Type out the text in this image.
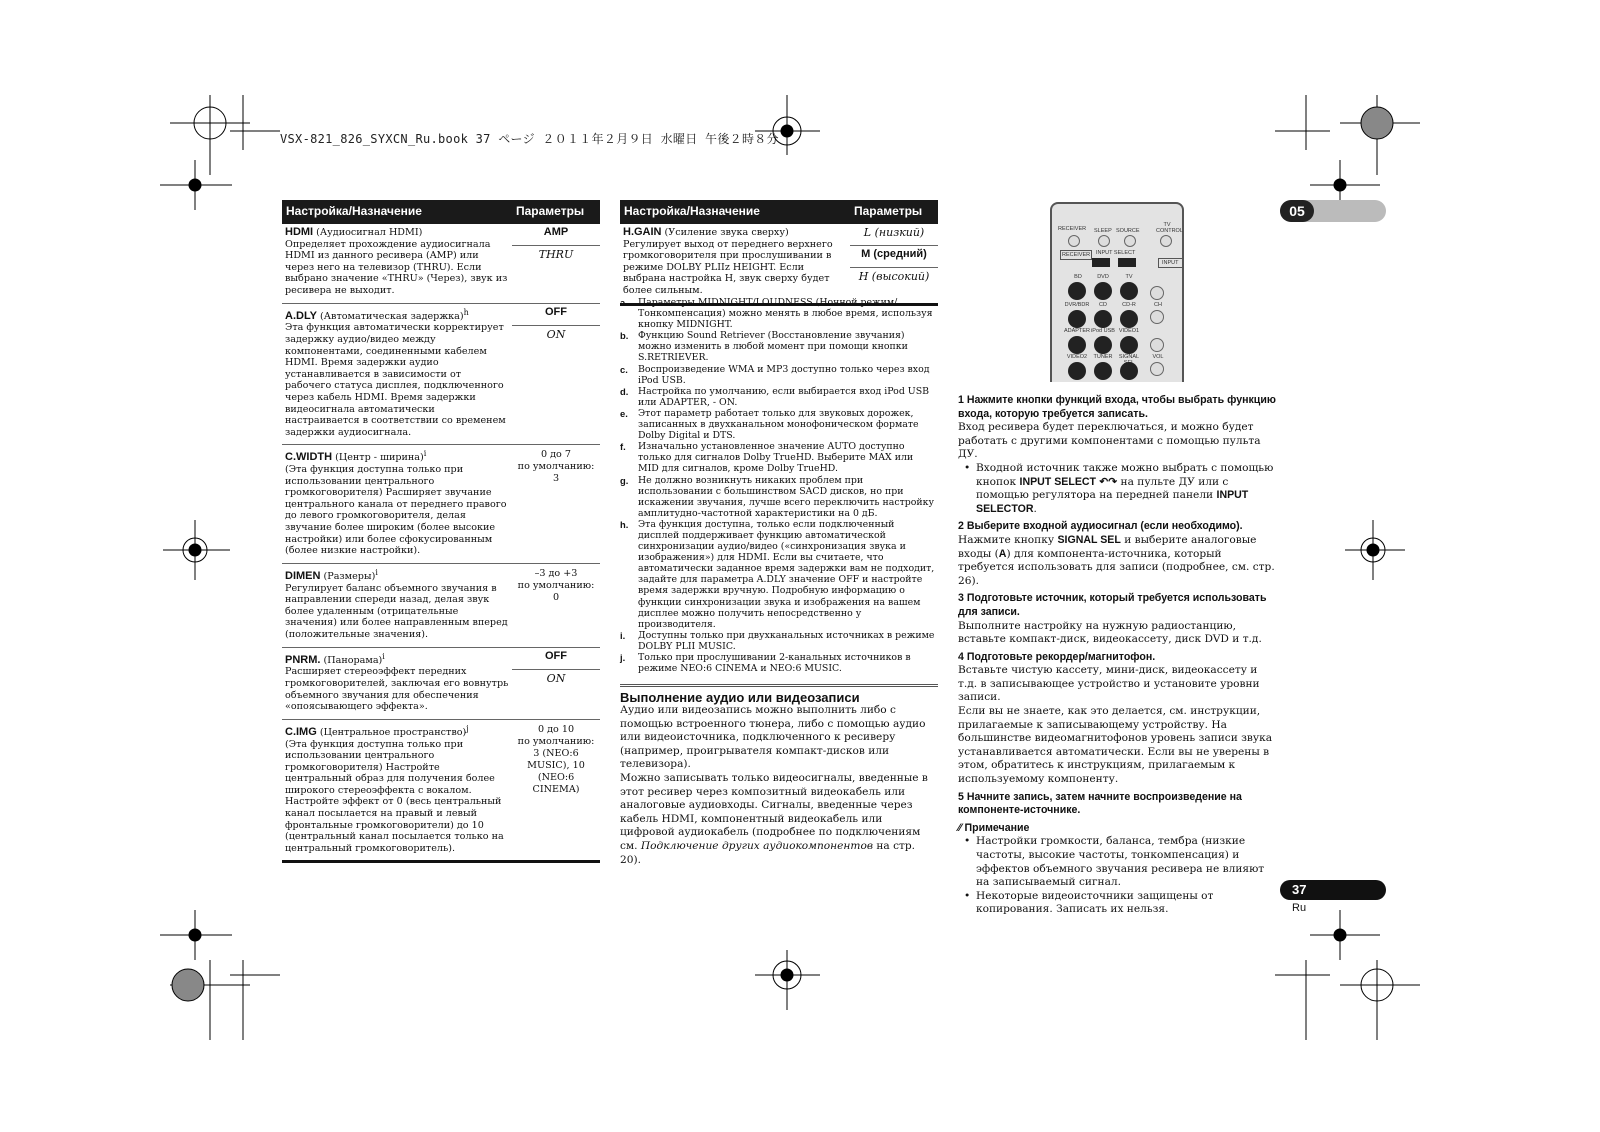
VSX-821_826_SYXCN_Ru.book 37 ページ ２０１１年２月９日 水曜日 午後２時８分
Настройка/Назначение	Параметры
HDMI (Аудиосигнал HDMI)
Определяет прохождение аудиосигнала HDMI из данного ресивера (AMP) или через него на телевизор (THRU). Если выбрано значение «THRU» (Через), звук из ресивера не выходит.	AMP
THRU

A.DLY (Автоматическая задержка)$^h$
Эта функция автоматически корректирует задержку аудио/видео между компонентами, соединенными кабелем HDMI. Время задержки аудио устанавливается в зависимости от рабочего статуса дисплея, подключенного через кабель HDMI. Время задержки видеосигнала автоматически настраивается в соответствии со временем задержки аудиосигнала.	OFF
ON

C.WIDTH (Центр - ширина)$^i$
(Эта функция доступна только при использовании центрального громкоговорителя) Расширяет звучание центрального канала от переднего правого до левого громкоговорителя, делая звучание более широким (более высокие настройки) или более сфокусированным (более низкие настройки).	0 до 7
по умолчанию: 3

DIMEN (Размеры)$^i$
Регулирует баланс объемного звучания в направлении спереди назад, делая звук более удаленным (отрицательные значения) или более направленным вперед (положительные значения).	–3 до +3
по умолчанию: 0

PNRM. (Панорама)$^i$
Расширяет стереоэффект передних громкоговорителей, заключая его вовнутрь объемного звучания для обеспечения «опоясывающего эффекта».	OFF
ON

C.IMG (Центральное пространство)$^j$
(Эта функция доступна только при использовании центрального громкоговорителя) Настройте центральный образ для получения более широкого стереоэффекта с вокалом. Настройте эффект от 0 (весь центральный канал посылается на правый и левый фронтальные громкоговорители) до 10 (центральный канал посылается только на центральный громкоговоритель).	0 до 10
по умолчанию: 3 (NEO:6 MUSIC), 10 (NEO:6 CINEMA)
Настройка/Назначение	Параметры
H.GAIN (Усиление звука сверху)
Регулирует выход от переднего верхнего громкоговорителя при прослушивании в режиме DOLBY PLIIz HEIGHT. Если выбрана настройка H, звук сверху будет более сильным.	L (низкий)
M (средний)
H (высокий)
a.	Параметры MIDNIGHT/LOUDNESS (Ночной режим/ Тонкомпенсация) можно менять в любое время, используя кнопку MIDNIGHT.
b.	Функцию Sound Retriever (Восстановление звучания) можно изменить в любой момент при помощи кнопки S.RETRIEVER.
c.	Воспроизведение WMA и MP3 доступно только через вход iPod USB.
d.	Настройка по умолчанию, если выбирается вход iPod USB или ADAPTER, - ON.
e.	Этот параметр работает только для звуковых дорожек, записанных в двухканальном монофоническом формате Dolby Digital и DTS.
f.	Изначально установленное значение AUTO доступно только для сигналов Dolby TrueHD. Выберите MAX или MID для сигналов, кроме Dolby TrueHD.
g.	Не должно возникнуть никаких проблем при использовании с большинством SACD дисков, но при искажении звучания, лучше всего переключить настройку амплитудно-частотной характеристики на 0 дБ.
h.	Эта функция доступна, только если подключенный дисплей поддерживает функцию автоматической синхронизации аудио/видео («синхронизация звука и изображения») для HDMI. Если вы считаете, что автоматически заданное время задержки вам не подходит, задайте для параметра A.DLY значение OFF и настройте время задержки вручную. Подробную информацию о функции синхронизации звука и изображения на вашем дисплее можно получить непосредственно у производителя.
i.	Доступны только при двухканальных источниках в режиме DOLBY PLII MUSIC.
j.	Только при прослушивании 2-канальных источников в режиме NEO:6 CINEMA и NEO:6 MUSIC.
Выполнение аудио или видеозаписи
Аудио или видеозапись можно выполнить либо с помощью встроенного тюнера, либо с помощью аудио или видеоисточника, подключенного к ресиверу (например, проигрывателя компакт-дисков или телевизора).
Можно записывать только видеосигналы, введенные в этот ресивер через композитный видеокабель или аналоговые аудиовходы. Сигналы, введенные через кабель HDMI, компонентный видеокабель или цифровой аудиокабель (подробнее по подключениям см. Подключение других аудиокомпонентов на стр. 20).
RECEIVER SLEEP SOURCE
TV CONTROL
INPUT SELECT
RECEIVER
INPUT
BD	DVD	TV
DVR/BDR	CD	CD-R
ADAPTER iPod USB VIDEO1
VIDEO2	TUNER	SIGNAL
CH
VOL
1 Нажмите кнопки функций входа, чтобы выбрать функцию входа, которую требуется записать.
Вход ресивера будет переключаться, и можно будет работать с другими компонентами с помощью пульта ДУ.
• Входной источник также можно выбрать с помощью кнопок INPUT SELECT ↶↷ на пульте ДУ или с помощью регулятора на передней панели INPUT SELECTOR.
2 Выберите входной аудиосигнал (если необходимо).
Нажмите кнопку SIGNAL SEL и выберите аналоговые входы (A) для компонента-источника, который требуется использовать для записи (подробнее, см. стр. 26).
3 Подготовьте источник, который требуется использовать для записи.
Выполните настройку на нужную радиостанцию, вставьте компакт-диск, видеокассету, диск DVD и т.д.
4 Подготовьте рекордер/магнитофон.
Вставьте чистую кассету, мини-диск, видеокассету и т.д. в записывающее устройство и установите уровни записи.
Если вы не знаете, как это делается, см. инструкции, прилагаемые к записывающему устройству. На большинстве видеомагнитофонов уровень записи звука устанавливается автоматически. Если вы не уверены в этом, обратитесь к инструкциям, прилагаемым к используемому компоненту.
5 Начните запись, затем начните воспроизведение на компоненте-источнике.
⁄⁄ Примечание
• Настройки громкости, баланса, тембра (низкие частоты, высокие частоты, тонкомпенсация) и эффектов объемного звучания ресивера не влияют на записываемый сигнал.
• Некоторые видеоисточники защищены от копирования. Записать их нельзя.
05
37
Ru
